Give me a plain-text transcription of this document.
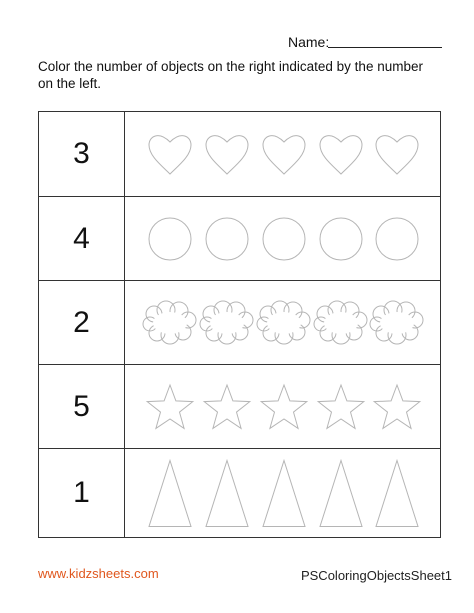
Name:
Color the number of objects on the right indicated by the number on the left.
3
4
2
5
1
www.kidzsheets.com	PSColoringObjectsSheet1
